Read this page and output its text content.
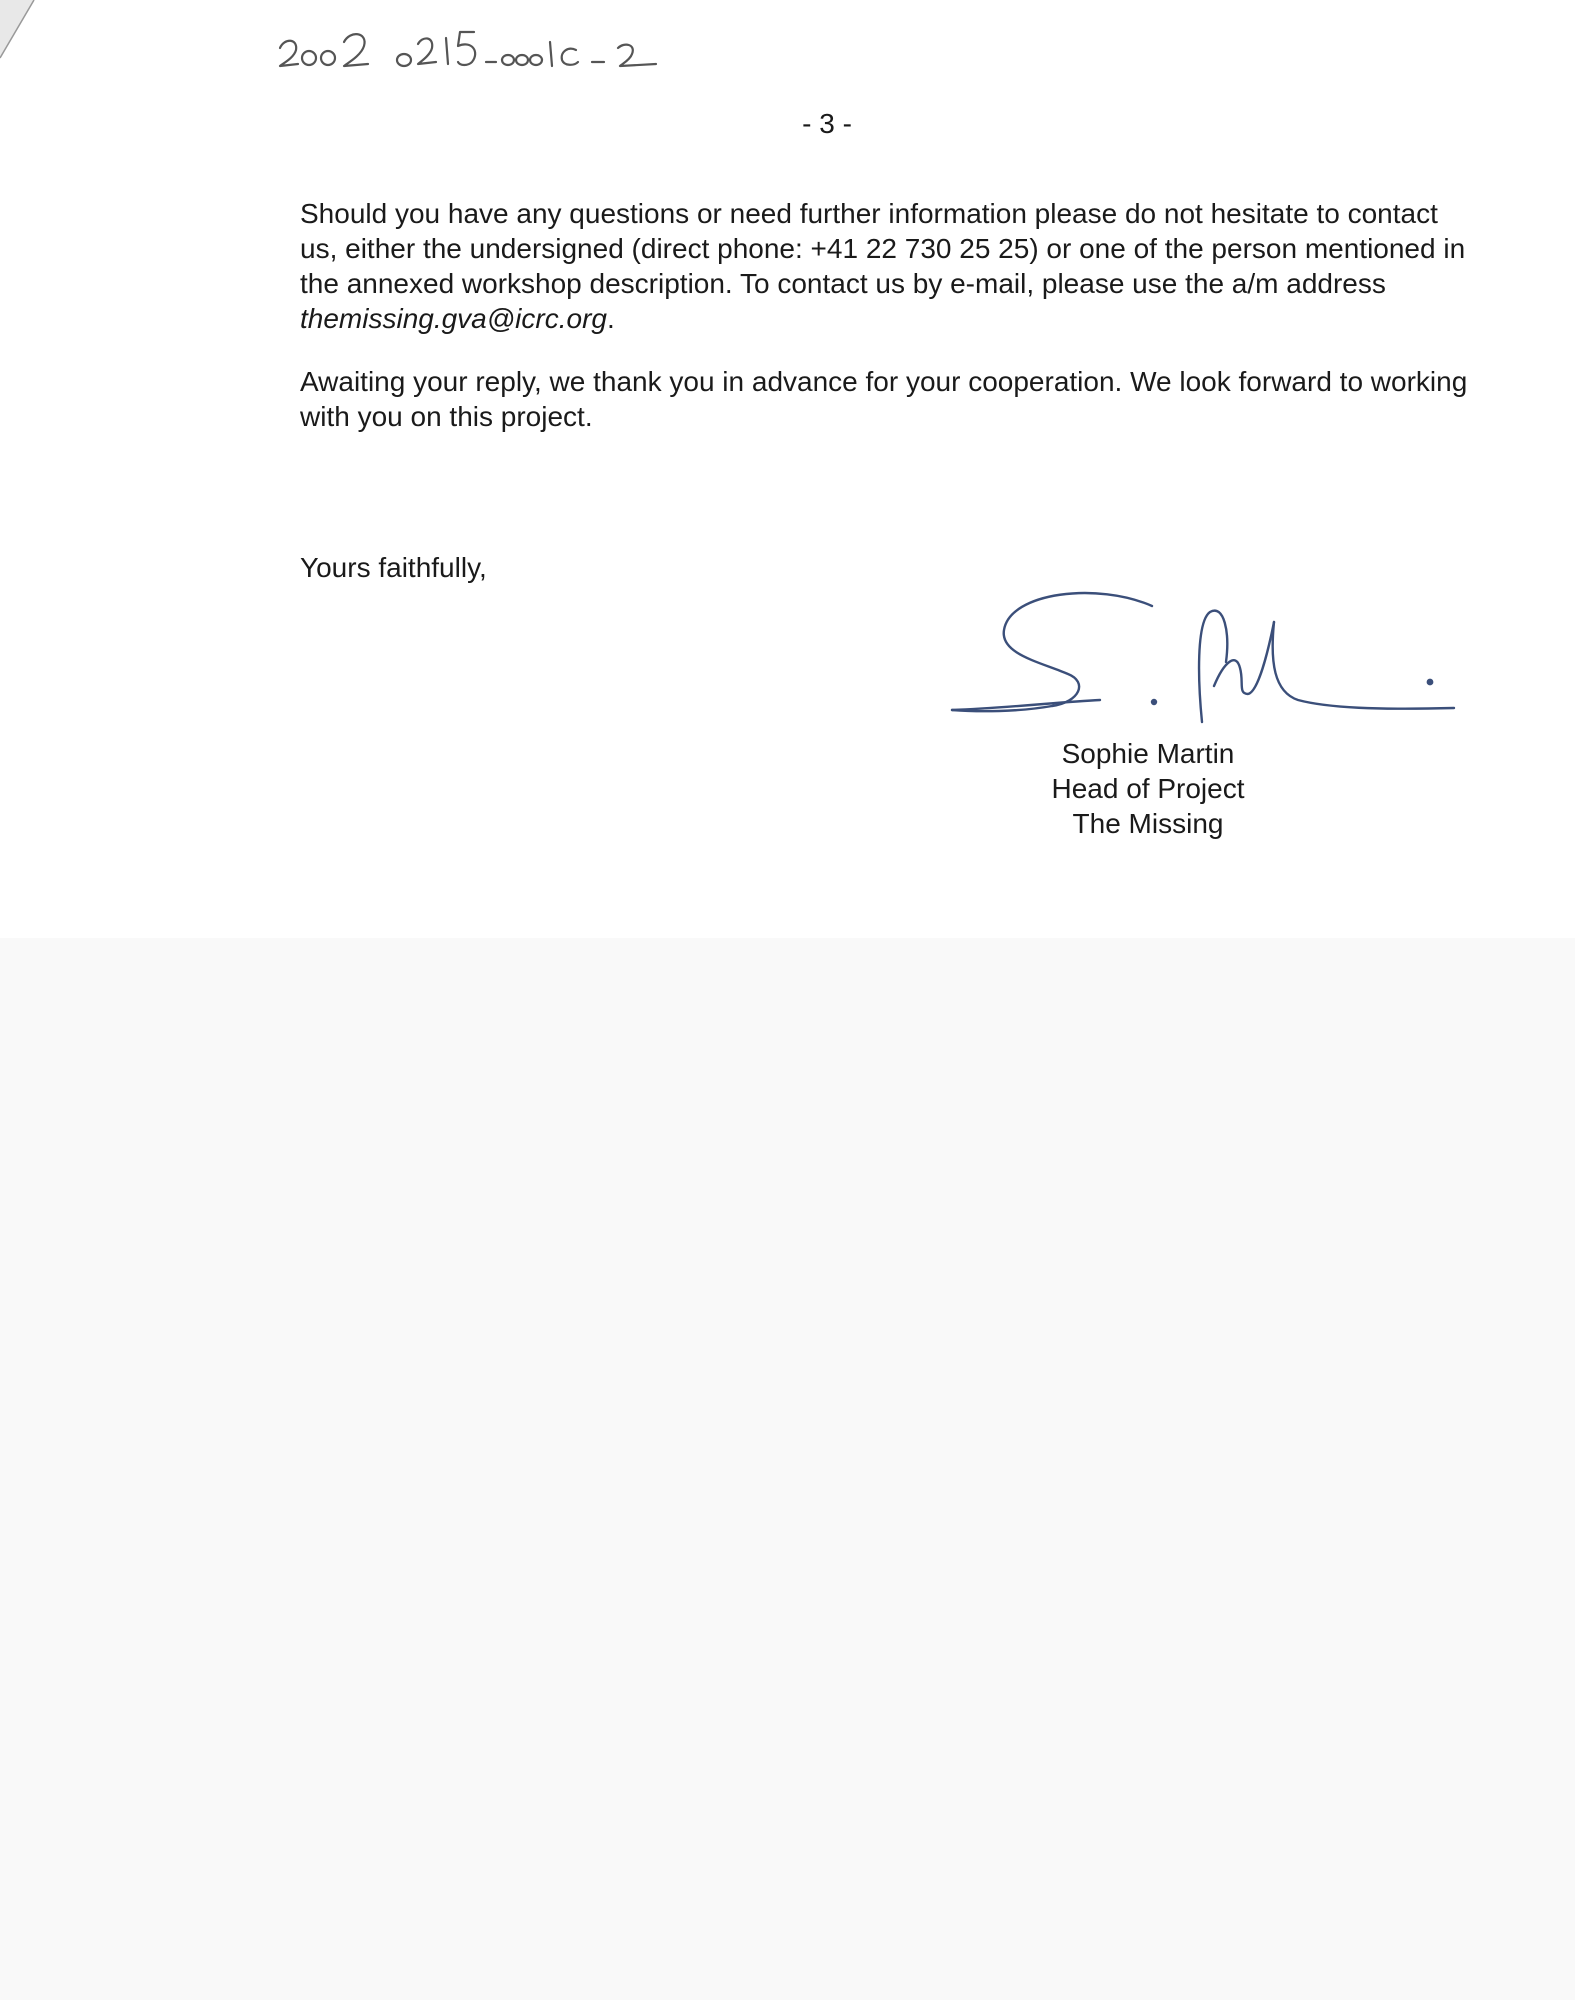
- 3 -

Should you have any questions or need further information please do not hesitate to contact us, either the undersigned (direct phone: +41 22 730 25 25) or one of the person mentioned in the annexed workshop description. To contact us by e-mail, please use the a/m address themissing.gva@icrc.org.

Awaiting your reply, we thank you in advance for your cooperation. We look forward to working with you on this project.

Yours faithfully,

Sophie Martin
Head of Project
The Missing
